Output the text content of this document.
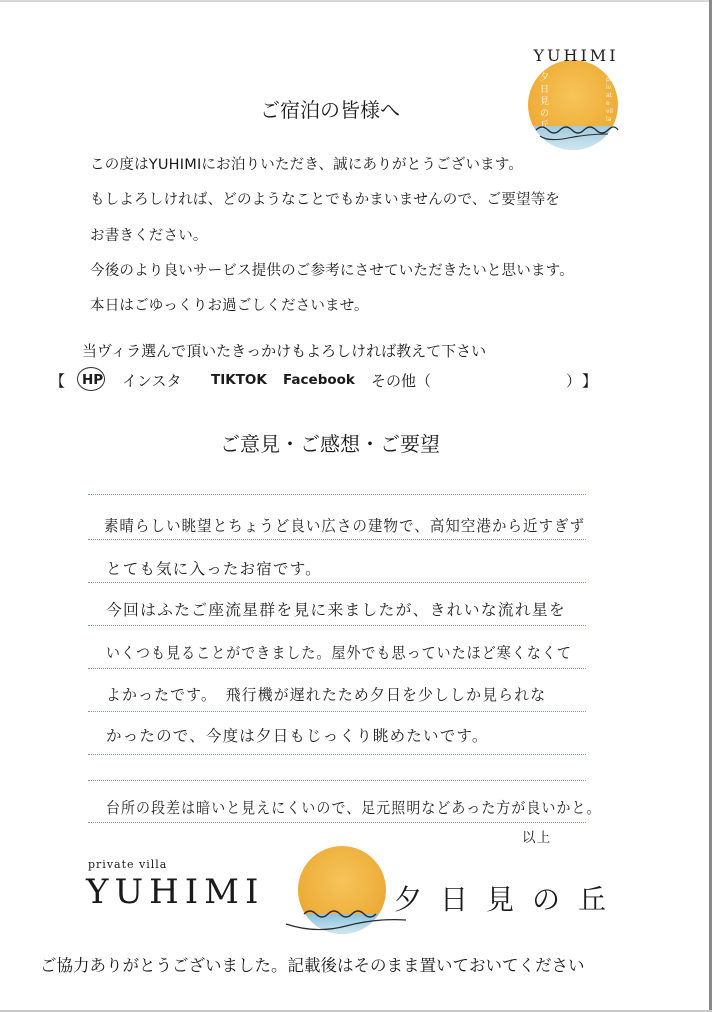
YUHIMI
夕日見の丘
private villa
ご宿泊の皆様へ
この度はYUHIMIにお泊りいただき、誠にありがとうございます。
もしよろしければ、どのようなことでもかまいませんので、ご要望等を
お書きください。
今後のより良いサービス提供のご参考にさせていただきたいと思います。
本日はごゆっくりお過ごしくださいませ。
当ヴィラ選んで頂いたきっかけもよろしければ教えて下さい
【 HP インスタ TIKTOK Facebook その他（	） 】
ご意見・ご感想・ご要望
素晴らしい眺望とちょうど良い広さの建物で、高知空港から近すぎず
とても気に入ったお宿です。
今回はふたご座流星群を見に来ましたが、きれいな流れ星を
いくつも見ることができました。屋外でも思っていたほど寒くなくて
よかったです。　飛行機が遅れたため夕日を少ししか見られな
かったので、今度は夕日もじっくり眺めたいです。
台所の段差は暗いと見えにくいので、足元照明などあった方が良いかと。
以上
private villa
YUHIMI	夕日見の丘
ご協力ありがとうございました。記載後はそのまま置いておいてください
